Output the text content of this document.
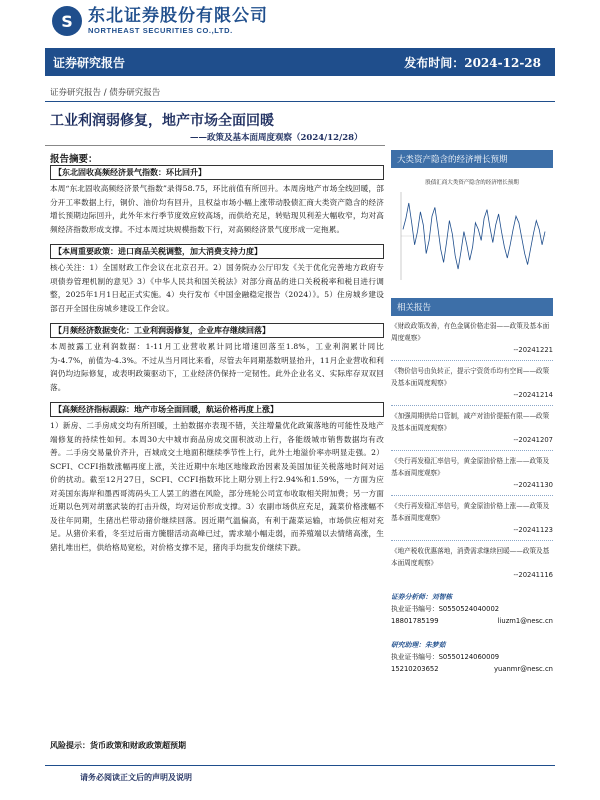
S 东北证券股份有限公司
NORTHEAST SECURITIES CO.,LTD.
证券研究报告	发布时间：2024-12-28
证券研究报告 / 债券研究报告
工业利润弱修复，地产市场全面回暖
——政策及基本面周度观察（2024/12/28）
报告摘要：
【东北固收高频经济景气指数：环比回升】
本周“东北固收高频经济景气指数”录得58.75，环比前值有所回升。本周房地产市场全线回暖，部分开工率数据上行，铜价、油价均有回升，且权益市场小幅上涨带动股债汇商大类资产隐含的经济增长预期边际回升，此外年末行季节度效应较高场，而供给充足，转贴现贝利差大幅收窄，均对高频经济指数形成支撑。不过本周过块规模指数下行，对高频经济景气度形成一定拖累。
【本周重要政策：进口商品关税调整，加大消费支持力度】
核心关注：1）全国财政工作会议在北京召开。2）国务院办公厅印发《关于优化完善地方政府专项债券管理机制的意见》3）《中华人民共和国关税法》对部分商品的进口关税税率和税目进行调整，2025年1月1日起正式实施。4）央行发布《中国金融稳定报告（2024）》。5）住房城乡建设部召开全国住房城乡建设工作会议。
【月频经济数据变化：工业利润弱修复，企业库存继续回落】
本周披露工业利润数据：1-11月工业营收累计同比增速回落至1.8%，工业利润累计同比为-4.7%，前值为-4.3%。不过从当月同比来看，尽管去年同期基数明显抬升，11月企业营收和利润仍均边际修复，或表明政策驱动下，工业经济仍保持一定韧性。此外企业名义、实际库存双双回落。
【高频经济指标跟踪：地产市场全面回暖，航运价格再度上涨】
1）新房、二手房成交均有所回暖，土拍数据亦表现不错，关注增量优化政策落地的可能性及地产端修复的持续性如何。本周30大中城市商品房成交面积波动上行，各能级城市销售数据均有改善。二手房交易量价齐升，百城成交土地面积继续季节性上行，此外土地溢价率亦明显走强。2）SCFI、CCFI指数涨幅再度上涨，关注近期中东地区地缘政治因素及美国加征关税落地时间对运价的扰动。截至12月27日，SCFI、CCFI指数环比上期分别上行2.94%和1.59%，一方面为应对美国东海岸和墨西哥湾码头工人罢工的潜在风险，部分班轮公司宣布收取相关附加费；另一方面近期以色列对胡塞武装的打击升级，均对运价形成支撑。3）农副市场供应充足，蔬菜价格涨幅不及往年同期，生猪出栏带动猪价继续回落。因近期气温偏高，有利于蔬菜运输，市场供应相对充足。从猪价来看，冬至过后南方腌腊活动高峰已过，需求端小幅走弱，而养殖端以去情绪高涨，生猪扎堆出栏，供给格局宽松，对价格支撑不足，猪肉手均批发价继续下跌。
风险提示：货币政策和财政政策超预期
请务必阅读正文后的声明及说明
大类资产隐含的经济增长预期
股债汇商大类资产隐含的经济增长预期
相关报告
《财政政策改善，有色金属价格走弱——政策及基本面周度观察》
--20241221
《物价信号由负转正，提示宁资货币均有空间——政策及基本面周度观察》
--20241214
《加强周期供给口管制，减产对油价提振有限——政策及基本面周度观察》
--20241207
《央行再发稳汇率信号，黄金原油价格上涨——政策及基本面周度观察》
--20241130
《央行再发稳汇率信号，黄金原油价格上涨——政策及基本面周度观察》
--20241123
《地产税收优惠落地，消费需求继续回暖——政策及基本面周度观察》
--20241116
证券分析师：刘智栋
执业证书编号：S0550524040002
18801785199	liuzm1@nesc.cn
研究助理：朱梦茹
执业证书编号：S0550124060009
15210203652	yuanmr@nesc.cn
